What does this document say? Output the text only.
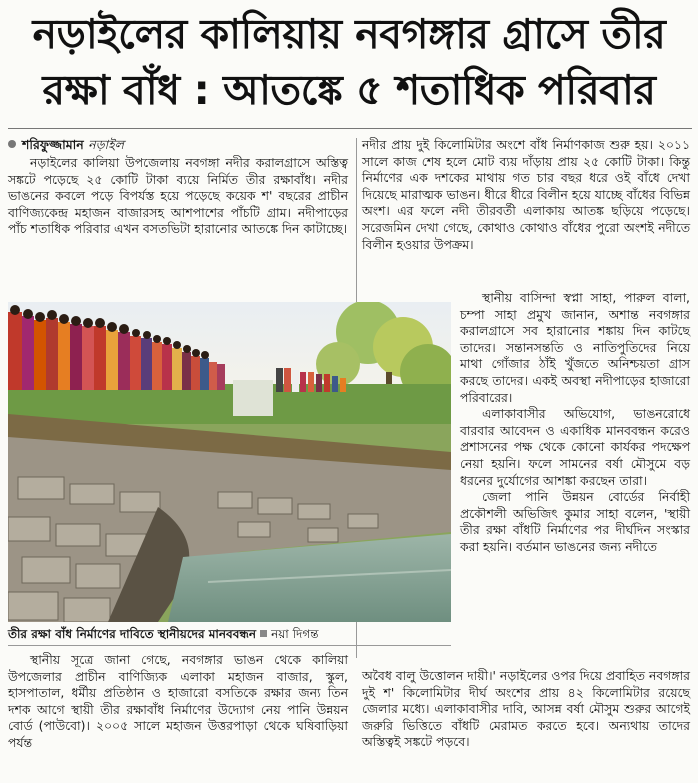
নড়াইলের কালিয়ায় নবগঙ্গার গ্রাসে তীর
রক্ষা বাঁধ : আতঙ্কে ৫ শতাধিক পরিবার
শরিফুজ্জামান নড়াইল

নড়াইলের কালিয়া উপজেলায় নবগঙ্গা নদীর করালগ্রাসে অস্তিত্ব সঙ্কটে পড়েছে ২৫ কোটি টাকা ব্যয়ে নির্মিত তীর রক্ষাবাঁধ। নদীর ভাঙনের কবলে পড়ে বিপর্যস্ত হয়ে পড়েছে কয়েক শ' বছরের প্রাচীন বাণিজ্যকেন্দ্র মহাজন বাজারসহ আশপাশের পাঁচটি গ্রাম। নদীপাড়ের পাঁচ শতাধিক পরিবার এখন বসতভিটা হারানোর আতঙ্কে দিন কাটাচ্ছে।

নদীর প্রায় দুই কিলোমিটার অংশে বাঁধ নির্মাণকাজ শুরু হয়। ২০১১ সালে কাজ শেষ হলে মোট ব্যয় দাঁড়ায় প্রায় ২৫ কোটি টাকা। কিন্তু নির্মাণের এক দশকের মাথায় গত চার বছর ধরে ওই বাঁধে দেখা দিয়েছে মারাত্মক ভাঙন। ধীরে ধীরে বিলীন হয়ে যাচ্ছে বাঁধের বিভিন্ন অংশ। এর ফলে নদী তীরবর্তী এলাকায় আতঙ্ক ছড়িয়ে পড়েছে। সরেজমিন দেখা গেছে, কোথাও কোথাও বাঁধের পুরো অংশই নদীতে বিলীন হওয়ার উপক্রম।

তীর রক্ষা বাঁধ নির্মাণের দাবিতে স্থানীয়দের মানববন্ধন নয়া দিগন্ত

স্থানীয় সূত্রে জানা গেছে, নবগঙ্গার ভাঙন থেকে কালিয়া উপজেলার প্রাচীন বাণিজ্যিক এলাকা মহাজন বাজার, স্কুল, হাসপাতাল, ধর্মীয় প্রতিষ্ঠান ও হাজারো বসতিকে রক্ষার জন্য তিন দশক আগে স্থায়ী তীর রক্ষাবাঁধ নির্মাণের উদ্যোগ নেয় পানি উন্নয়ন বোর্ড (পাউবো)। ২০০৫ সালে মহাজন উত্তরপাড়া থেকে ঘষিবাড়িয়া পর্যন্ত

স্থানীয় বাসিন্দা স্বপ্না সাহা, পারুল বালা, চম্পা সাহা প্রমুখ জানান, অশান্ত নবগঙ্গার করালগ্রাসে সব হারানোর শঙ্কায় দিন কাটছে তাদের। সন্তানসন্ততি ও নাতিপুতিদের নিয়ে মাথা গোঁজার ঠাঁই খুঁজতে অনিশ্চয়তা গ্রাস করছে তাদের। একই অবস্থা নদীপাড়ের হাজারো পরিবারের।

এলাকাবাসীর অভিযোগ, ভাঙনরোধে বারবার আবেদন ও একাধিক মানববন্ধন করেও প্রশাসনের পক্ষ থেকে কোনো কার্যকর পদক্ষেপ নেয়া হয়নি। ফলে সামনের বর্ষা মৌসুমে বড় ধরনের দুর্যোগের আশঙ্কা করছেন তারা।

জেলা পানি উন্নয়ন বোর্ডের নির্বাহী প্রকৌশলী অভিজিৎ কুমার সাহা বলেন, 'স্থায়ী তীর রক্ষা বাঁধটি নির্মাণের পর দীর্ঘদিন সংস্কার করা হয়নি। বর্তমান ভাঙনের জন্য নদীতে

অবৈধ বালু উত্তোলন দায়ী।' নড়াইলের ওপর দিয়ে প্রবাহিত নবগঙ্গার দুই শ' কিলোমিটার দীর্ঘ অংশের প্রায় ৪২ কিলোমিটার রয়েছে জেলার মধ্যে। এলাকাবাসীর দাবি, আসন্ন বর্ষা মৌসুম শুরুর আগেই জরুরি ভিত্তিতে বাঁধটি মেরামত করতে হবে। অন্যথায় তাদের অস্তিত্বই সঙ্কটে পড়বে।
